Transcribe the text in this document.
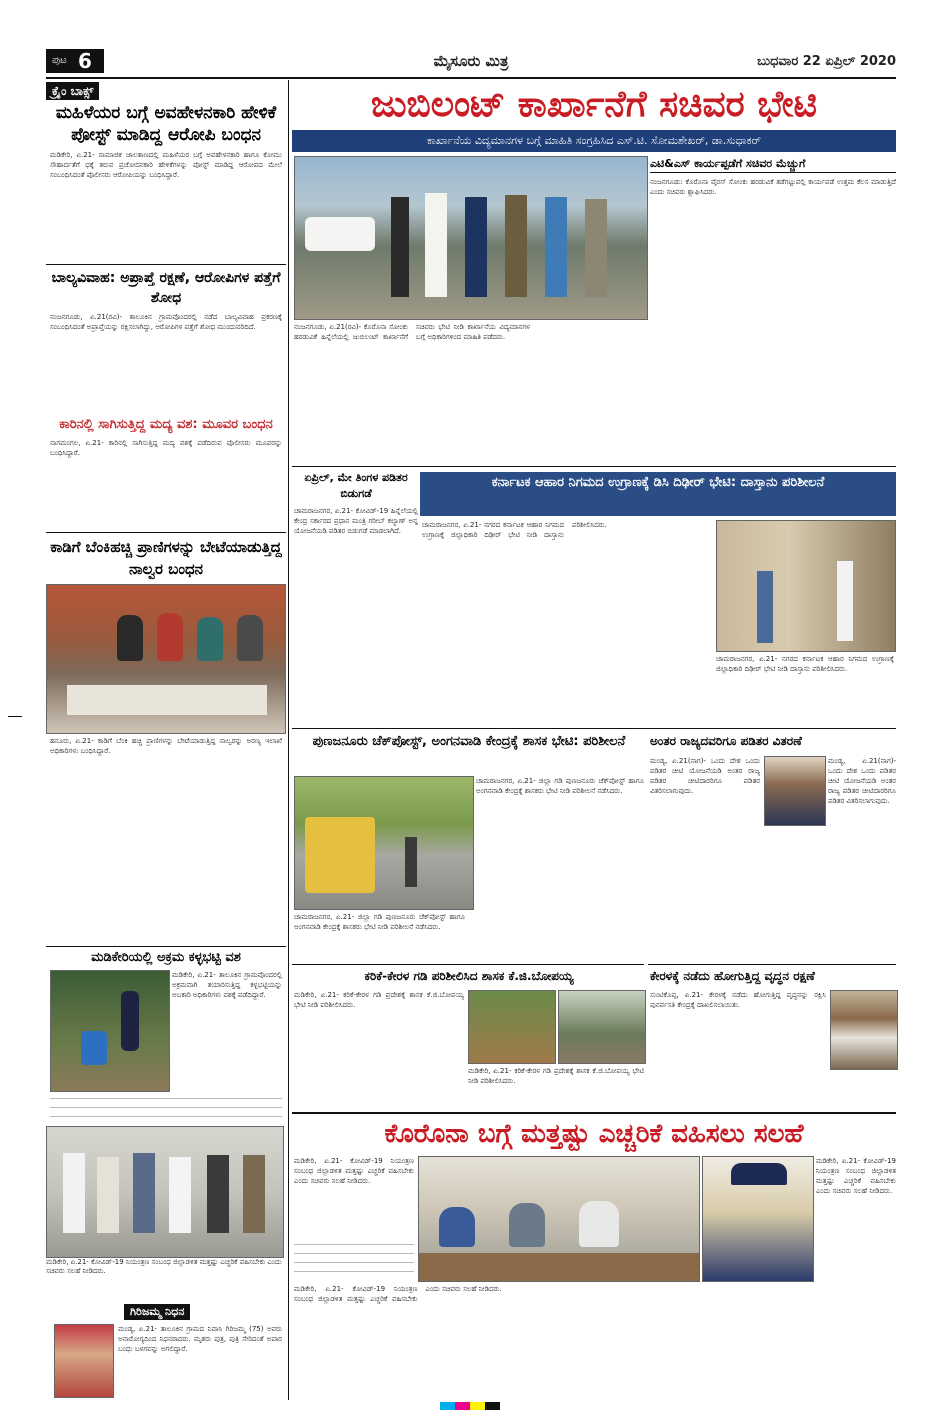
ಪುಟ 6	ಮೈಸೂರು ಮಿತ್ರ	ಬುಧವಾರ 22 ಏಪ್ರಿಲ್ 2020
ಕ್ರೈಂ ಬಾಕ್ಸ್
ಮಹಿಳೆಯರ ಬಗ್ಗೆ ಅವಹೇಳನಕಾರಿ ಹೇಳಿಕೆ ಪೋಸ್ಟ್ ಮಾಡಿದ್ದ ಆರೋಪಿ ಬಂಧನ
ಮಡಿಕೇರಿ, ಏ.21- ಸಾಮಾಜಿಕ ಜಾಲತಾಣದಲ್ಲಿ ಮಹಿಳೆಯರ ಬಗ್ಗೆ ಅವಹೇಳನಕಾರಿ ಹಾಗೂ ಕೋಮು ಸೌಹಾರ್ದತೆಗೆ ಧಕ್ಕೆ ತರುವ ಪ್ರಚೋದನಕಾರಿ ಹೇಳಿಕೆಗಳನ್ನು ಪೋಸ್ಟ್ ಮಾಡಿದ್ದ ಆರೋಪದ ಮೇಲೆ ಸಂಬಂಧಿಸಿದಂತೆ ಪೊಲೀಸರು ಆರೋಪಿಯನ್ನು ಬಂಧಿಸಿದ್ದಾರೆ.
ಬಾಲ್ಯವಿವಾಹ: ಅಪ್ರಾಪ್ತೆ ರಕ್ಷಣೆ, ಆರೋಪಿಗಳ ಪತ್ತೆಗೆ ಶೋಧ
ನಂಜನಗೂಡು, ಏ.21(ರವಿ)- ತಾಲೂಕಿನ ಗ್ರಾಮವೊಂದರಲ್ಲಿ ನಡೆದ ಬಾಲ್ಯವಿವಾಹ ಪ್ರಕರಣಕ್ಕೆ ಸಂಬಂಧಿಸಿದಂತೆ ಅಪ್ರಾಪ್ತೆಯನ್ನು ರಕ್ಷಿಸಲಾಗಿದ್ದು, ಆರೋಪಿಗಳ ಪತ್ತೆಗೆ ಶೋಧ ಮುಂದುವರಿದಿದೆ.
ಕಾರಿನಲ್ಲಿ ಸಾಗಿಸುತ್ತಿದ್ದ ಮದ್ಯ ವಶ: ಮೂವರ ಬಂಧನ
ನಾಗಮಂಗಲ, ಏ.21- ಕಾರಿನಲ್ಲಿ ಸಾಗಿಸುತ್ತಿದ್ದ ಮದ್ಯ ವಶಕ್ಕೆ ಪಡೆದಿರುವ ಪೊಲೀಸರು ಮೂವರನ್ನು ಬಂಧಿಸಿದ್ದಾರೆ.
ಕಾಡಿಗೆ ಬೆಂಕಿಹಚ್ಚಿ ಪ್ರಾಣಿಗಳನ್ನು ಬೇಟೆಯಾಡುತ್ತಿದ್ದ ನಾಲ್ವರ ಬಂಧನ
ಹನೂರು, ಏ.21- ಕಾಡಿಗೆ ಬೆಂಕಿ ಹಚ್ಚಿ ಪ್ರಾಣಿಗಳನ್ನು ಬೇಟೆಯಾಡುತ್ತಿದ್ದ ನಾಲ್ವರನ್ನು ಅರಣ್ಯ ಇಲಾಖೆ ಅಧಿಕಾರಿಗಳು ಬಂಧಿಸಿದ್ದಾರೆ.
ಮಡಿಕೇರಿಯಲ್ಲಿ ಅಕ್ರಮ ಕಳ್ಳಭಟ್ಟಿ ವಶ
ಮಡಿಕೇರಿ, ಏ.21- ತಾಲೂಕಿನ ಗ್ರಾಮವೊಂದರಲ್ಲಿ ಅಕ್ರಮವಾಗಿ ತಯಾರಿಸುತ್ತಿದ್ದ ಕಳ್ಳಭಟ್ಟಿಯನ್ನು ಅಬಕಾರಿ ಅಧಿಕಾರಿಗಳು ವಶಕ್ಕೆ ಪಡೆದಿದ್ದಾರೆ.
ಮಡಿಕೇರಿ, ಏ.21- ಕೋವಿಡ್-19 ನಿಯಂತ್ರಣ ಸಂಬಂಧ ಜಿಲ್ಲಾಡಳಿತ ಮತ್ತಷ್ಟು ಎಚ್ಚರಿಕೆ ವಹಿಸಬೇಕು ಎಂದು ಸಚಿವರು ಸಲಹೆ ನೀಡಿದರು.
ಗಿರಿಜಮ್ಮ ನಿಧನ
ಮಂಡ್ಯ, ಏ.21- ತಾಲೂಕಿನ ಗ್ರಾಮದ ನಿವಾಸಿ ಗಿರಿಜಮ್ಮ (75) ಅವರು ಅನಾರೋಗ್ಯದಿಂದ ನಿಧನರಾದರು. ಮೃತರು ಪುತ್ರ, ಪುತ್ರಿ ಸೇರಿದಂತೆ ಅಪಾರ ಬಂಧು ಬಳಗವನ್ನು ಅಗಲಿದ್ದಾರೆ.
ಜುಬಿಲಂಟ್ ಕಾರ್ಖಾನೆಗೆ ಸಚಿವರ ಭೇಟಿ
ಕಾರ್ಖಾನೆಯ ವಿದ್ಯಮಾನಗಳ ಬಗ್ಗೆ ಮಾಹಿತಿ ಸಂಗ್ರಹಿಸಿದ ಎಸ್.ಟಿ. ಸೋಮಶೇಖರ್, ಡಾ.ಸುಧಾಕರ್
ಎಟಿ&ಎಸ್ ಕಾರ್ಯಪ್ಪಡೆಗೆ ಸಚಿವರ ಮೆಚ್ಚುಗೆ
ನಂಜನಗೂಡು: ಕೊರೊನಾ ವೈರಸ್ ಸೋಂಕು ಹರಡುವಿಕೆ ತಡೆಗಟ್ಟುವಲ್ಲಿ ಕಾರ್ಯಪಡೆ ಉತ್ತಮ ಕೆಲಸ ಮಾಡುತ್ತಿದೆ ಎಂದು ಸಚಿವರು ಶ್ಲಾಘಿಸಿದರು.
ನಂಜನಗೂಡು, ಏ.21(ರವಿ)- ಕೊರೊನಾ ಸೋಂಕು ಹರಡುವಿಕೆ ಹಿನ್ನೆಲೆಯಲ್ಲಿ ಜುಬಿಲಂಟ್ ಕಾರ್ಖಾನೆಗೆ ಸಚಿವರು ಭೇಟಿ ನೀಡಿ ಕಾರ್ಖಾನೆಯ ವಿದ್ಯಮಾನಗಳ ಬಗ್ಗೆ ಅಧಿಕಾರಿಗಳಿಂದ ಮಾಹಿತಿ ಪಡೆದರು.
ಏಪ್ರಿಲ್, ಮೇ ತಿಂಗಳ ಪಡಿತರ ಬಿಡುಗಡೆ
ಚಾಮರಾಜನಗರ, ಏ.21- ಕೋವಿಡ್-19 ಹಿನ್ನೆಲೆಯಲ್ಲಿ ಕೇಂದ್ರ ಸರ್ಕಾರದ ಪ್ರಧಾನ ಮಂತ್ರಿ ಗರೀಬ್ ಕಲ್ಯಾಣ್ ಅನ್ನ ಯೋಜನೆಯಡಿ ಪಡಿತರ ಬಿಡುಗಡೆ ಮಾಡಲಾಗಿದೆ.
ಕರ್ನಾಟಕ ಆಹಾರ ನಿಗಮದ ಉಗ್ರಾಣಕ್ಕೆ ಡಿಸಿ ದಿಢೀರ್ ಭೇಟಿ: ದಾಸ್ತಾನು ಪರಿಶೀಲನೆ
ಚಾಮರಾಜನಗರ, ಏ.21- ನಗರದ ಕರ್ನಾಟಕ ಆಹಾರ ನಿಗಮದ ಉಗ್ರಾಣಕ್ಕೆ ಜಿಲ್ಲಾಧಿಕಾರಿ ದಿಢೀರ್ ಭೇಟಿ ನೀಡಿ ದಾಸ್ತಾನು ಪರಿಶೀಲಿಸಿದರು.
ಚಾಮರಾಜನಗರ, ಏ.21- ನಗರದ ಕರ್ನಾಟಕ ಆಹಾರ ನಿಗಮದ ಉಗ್ರಾಣಕ್ಕೆ ಜಿಲ್ಲಾಧಿಕಾರಿ ದಿಢೀರ್ ಭೇಟಿ ನೀಡಿ ದಾಸ್ತಾನು ಪರಿಶೀಲಿಸಿದರು.
ಪುಣಜನೂರು ಚೆಕ್‌ಪೋಸ್ಟ್, ಅಂಗನವಾಡಿ ಕೇಂದ್ರಕ್ಕೆ ಶಾಸಕ ಭೇಟಿ: ಪರಿಶೀಲನೆ
ಚಾಮರಾಜನಗರ, ಏ.21- ಜಿಲ್ಲಾ ಗಡಿ ಪುಣಜನೂರು ಚೆಕ್‌ಪೋಸ್ಟ್ ಹಾಗೂ ಅಂಗನವಾಡಿ ಕೇಂದ್ರಕ್ಕೆ ಶಾಸಕರು ಭೇಟಿ ನೀಡಿ ಪರಿಶೀಲನೆ ನಡೆಸಿದರು.
ಚಾಮರಾಜನಗರ, ಏ.21- ಜಿಲ್ಲಾ ಗಡಿ ಪುಣಜನೂರು ಚೆಕ್‌ಪೋಸ್ಟ್ ಹಾಗೂ ಅಂಗನವಾಡಿ ಕೇಂದ್ರಕ್ಕೆ ಶಾಸಕರು ಭೇಟಿ ನೀಡಿ ಪರಿಶೀಲನೆ ನಡೆಸಿದರು.
ಅಂತರ ರಾಜ್ಯದವರಿಗೂ ಪಡಿತರ ವಿತರಣೆ
ಮಂಡ್ಯ, ಏ.21(ನಾಗ)- ಒಂದು ದೇಶ ಒಂದು ಪಡಿತರ ಚೀಟಿ ಯೋಜನೆಯಡಿ ಅಂತರ ರಾಜ್ಯ ಪಡಿತರ ಚೀಟಿದಾರರಿಗೂ ಪಡಿತರ ವಿತರಿಸಲಾಗುವುದು.
ಮಂಡ್ಯ, ಏ.21(ನಾಗ)- ಒಂದು ದೇಶ ಒಂದು ಪಡಿತರ ಚೀಟಿ ಯೋಜನೆಯಡಿ ಅಂತರ ರಾಜ್ಯ ಪಡಿತರ ಚೀಟಿದಾರರಿಗೂ ಪಡಿತರ ವಿತರಿಸಲಾಗುವುದು.
ಕರಿಕೆ-ಕೇರಳ ಗಡಿ ಪರಿಶೀಲಿಸಿದ ಶಾಸಕ ಕೆ.ಜಿ.ಬೋಪಯ್ಯ
ಮಡಿಕೇರಿ, ಏ.21- ಕರಿಕೆ-ಕೇರಳ ಗಡಿ ಪ್ರದೇಶಕ್ಕೆ ಶಾಸಕ ಕೆ.ಜಿ.ಬೋಪಯ್ಯ ಭೇಟಿ ನೀಡಿ ಪರಿಶೀಲಿಸಿದರು.
ಮಡಿಕೇರಿ, ಏ.21- ಕರಿಕೆ-ಕೇರಳ ಗಡಿ ಪ್ರದೇಶಕ್ಕೆ ಶಾಸಕ ಕೆ.ಜಿ.ಬೋಪಯ್ಯ ಭೇಟಿ ನೀಡಿ ಪರಿಶೀಲಿಸಿದರು.
ಕೇರಳಕ್ಕೆ ನಡೆದು ಹೋಗುತ್ತಿದ್ದ ವೃದ್ಧನ ರಕ್ಷಣೆ
ಸುಂಟಿಕೊಪ್ಪ, ಏ.21- ಕೇರಳಕ್ಕೆ ನಡೆದು ಹೋಗುತ್ತಿದ್ದ ವೃದ್ಧನನ್ನು ರಕ್ಷಿಸಿ ಪುನರ್ವಸತಿ ಕೇಂದ್ರಕ್ಕೆ ದಾಖಲಿಸಲಾಯಿತು.
ಕೊರೊನಾ ಬಗ್ಗೆ ಮತ್ತಷ್ಟು ಎಚ್ಚರಿಕೆ ವಹಿಸಲು ಸಲಹೆ
ಮಡಿಕೇರಿ, ಏ.21- ಕೋವಿಡ್-19 ನಿಯಂತ್ರಣ ಸಂಬಂಧ ಜಿಲ್ಲಾಡಳಿತ ಮತ್ತಷ್ಟು ಎಚ್ಚರಿಕೆ ವಹಿಸಬೇಕು ಎಂದು ಸಚಿವರು ಸಲಹೆ ನೀಡಿದರು.
ಮಡಿಕೇರಿ, ಏ.21- ಕೋವಿಡ್-19 ನಿಯಂತ್ರಣ ಸಂಬಂಧ ಜಿಲ್ಲಾಡಳಿತ ಮತ್ತಷ್ಟು ಎಚ್ಚರಿಕೆ ವಹಿಸಬೇಕು ಎಂದು ಸಚಿವರು ಸಲಹೆ ನೀಡಿದರು.
ಮಡಿಕೇರಿ, ಏ.21- ಕೋವಿಡ್-19 ನಿಯಂತ್ರಣ ಸಂಬಂಧ ಜಿಲ್ಲಾಡಳಿತ ಮತ್ತಷ್ಟು ಎಚ್ಚರಿಕೆ ವಹಿಸಬೇಕು ಎಂದು ಸಚಿವರು ಸಲಹೆ ನೀಡಿದರು.
